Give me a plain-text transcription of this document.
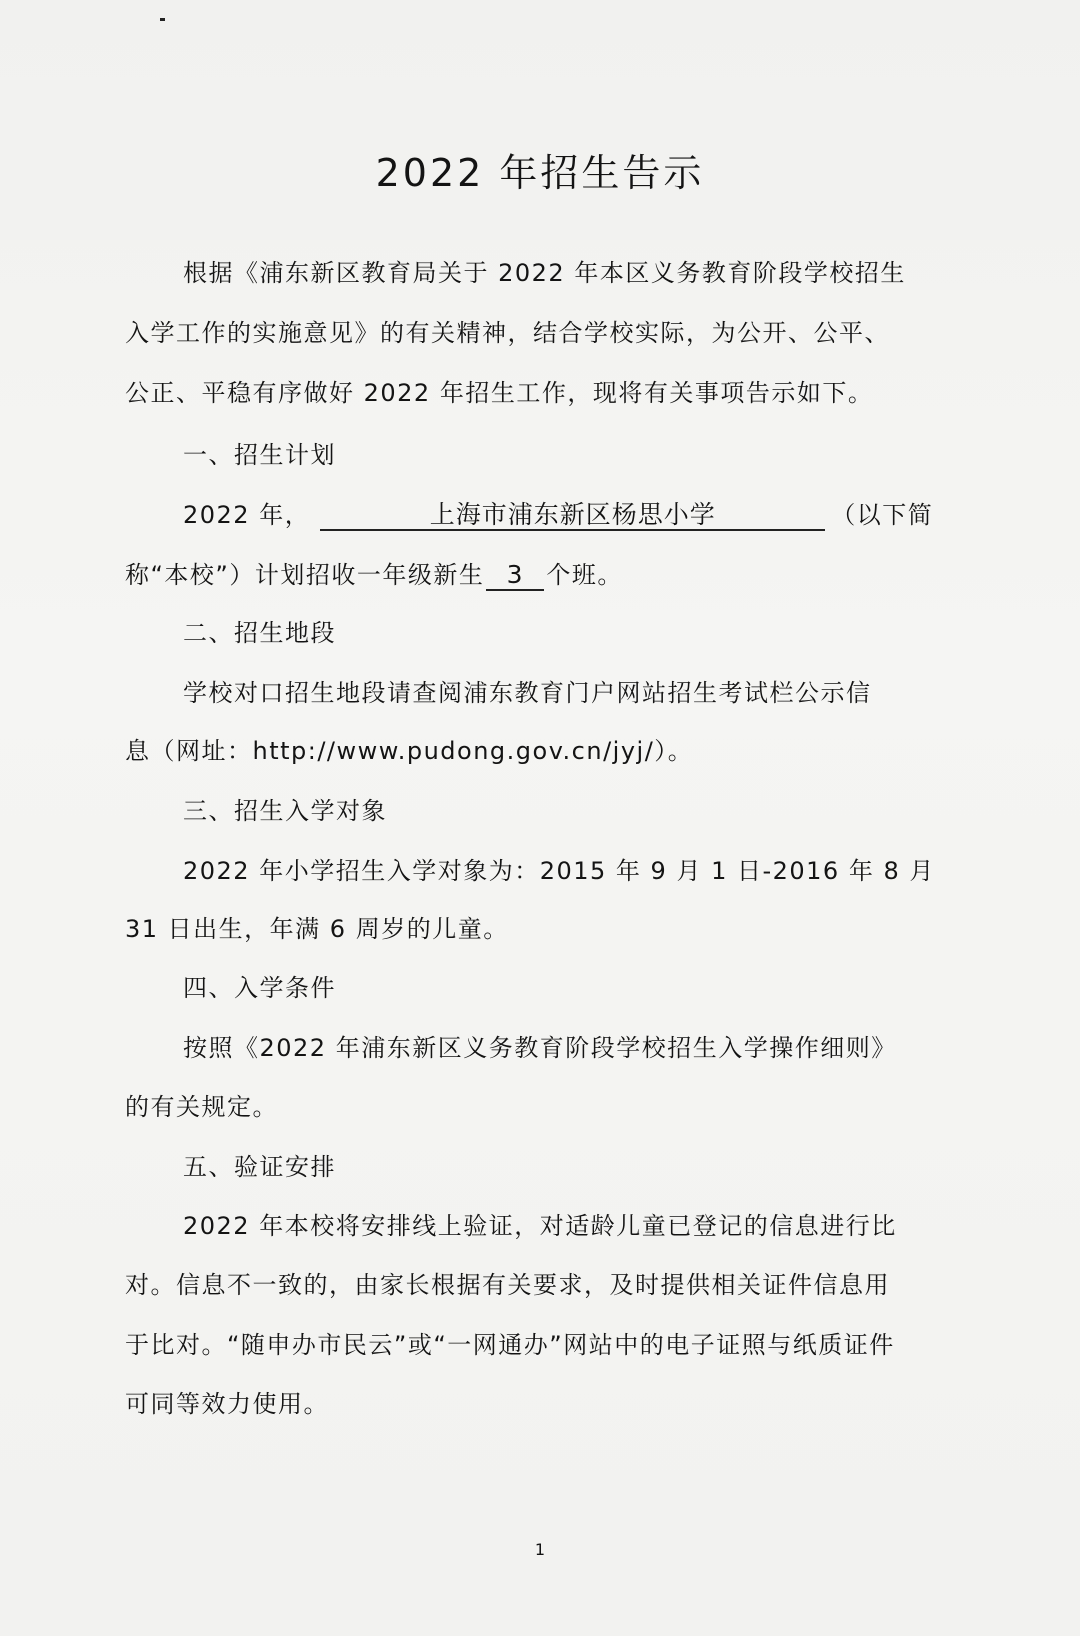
2022 年招生告示
根据《浦东新区教育局关于 2022 年本区义务教育阶段学校招生
入学工作的实施意见》的有关精神，结合学校实际，为公开、公平、
公正、平稳有序做好 2022 年招生工作，现将有关事项告示如下。
一、招生计划
2022 年，	上海市浦东新区杨思小学	（以下简
称“本校”）计划招收一年级新生 3 个班。
二、招生地段
学校对口招生地段请查阅浦东教育门户网站招生考试栏公示信
息（网址：http://www.pudong.gov.cn/jyj/）。
三、招生入学对象
2022 年小学招生入学对象为：2015 年 9 月 1 日-2016 年 8 月
31 日出生，年满 6 周岁的儿童。
四、入学条件
按照《2022 年浦东新区义务教育阶段学校招生入学操作细则》
的有关规定。
五、验证安排
2022 年本校将安排线上验证，对适龄儿童已登记的信息进行比
对。信息不一致的，由家长根据有关要求，及时提供相关证件信息用
于比对。“随申办市民云”或“一网通办”网站中的电子证照与纸质证件
可同等效力使用。
1
